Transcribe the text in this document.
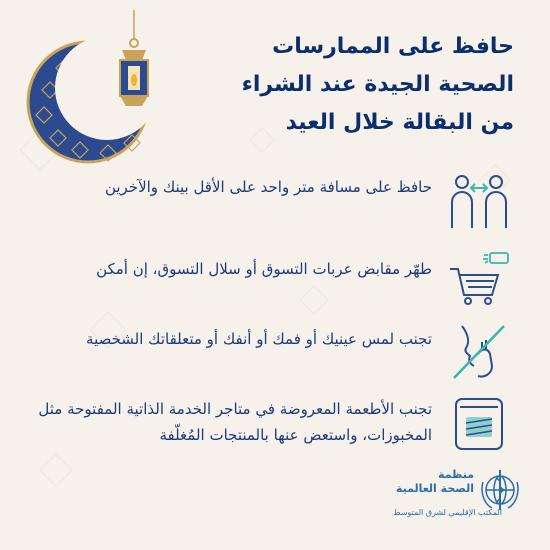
حافظ على الممارسات
الصحية الجيدة عند الشراء
من البقالة خلال العيد
حافظ على مسافة متر واحد على الأقل بينك والآخرين
طهّر مقابض عربات التسوق أو سلال التسوق، إن أمكن
تجنب لمس عينيك أو فمك أو أنفك أو متعلقاتك الشخصية
تجنب الأطعمة المعروضة في متاجر الخدمة الذاتية المفتوحة مثل المخبوزات، واستعض عنها بالمنتجات المُغلّفة
منظمة
الصحة العالمية
المكتب الإقليمي لشرق المتوسط
